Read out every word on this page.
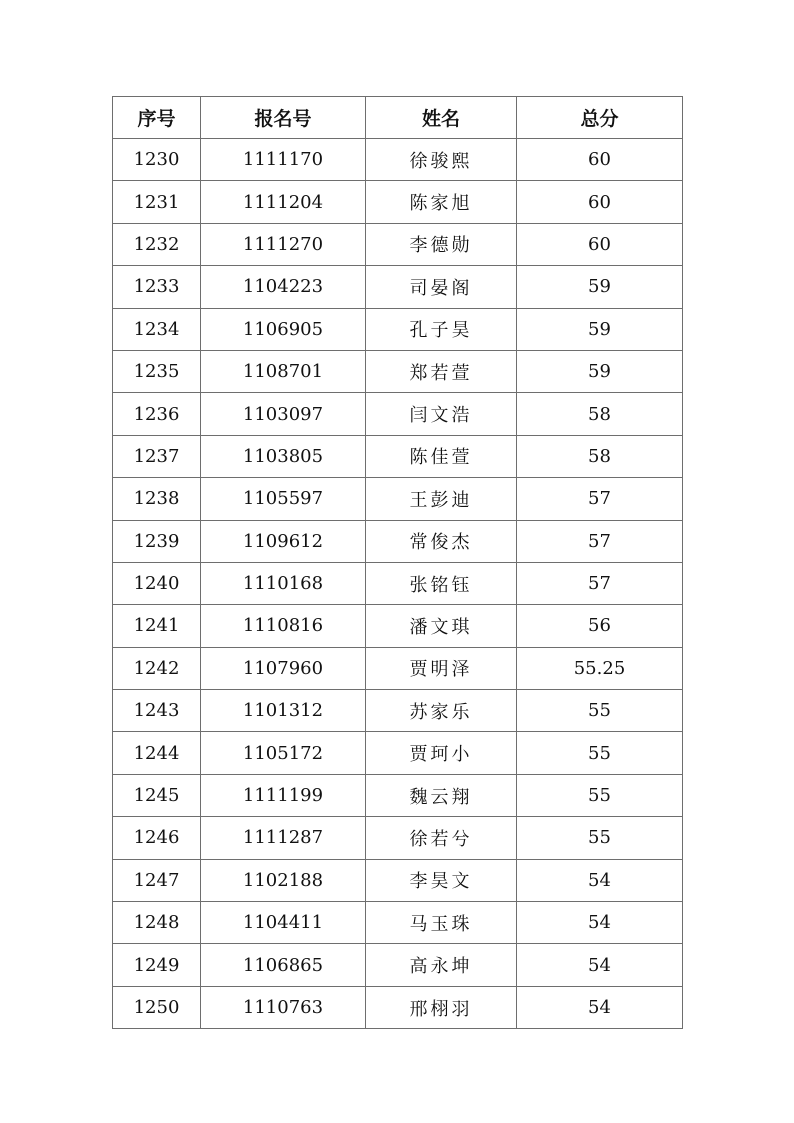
序号	报名号	姓名	总分
1230	1111170	徐骏熙	60
1231	1111204	陈家旭	60
1232	1111270	李德勋	60
1233	1104223	司晏阁	59
1234	1106905	孔子昊	59
1235	1108701	郑若萱	59
1236	1103097	闫文浩	58
1237	1103805	陈佳萱	58
1238	1105597	王彭迪	57
1239	1109612	常俊杰	57
1240	1110168	张铭钰	57
1241	1110816	潘文琪	56
1242	1107960	贾明泽	55.25
1243	1101312	苏家乐	55
1244	1105172	贾珂小	55
1245	1111199	魏云翔	55
1246	1111287	徐若兮	55
1247	1102188	李昊文	54
1248	1104411	马玉珠	54
1249	1106865	高永坤	54
1250	1110763	邢栩羽	54
